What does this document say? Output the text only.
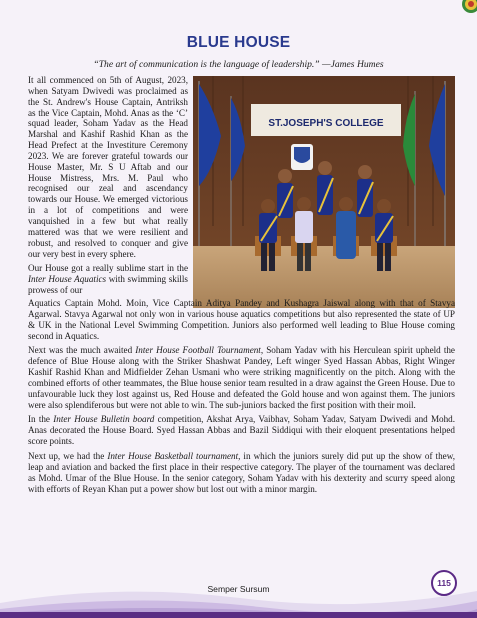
BLUE HOUSE
“The art of communication is the language of leadership.” —James Humes
ST.JOSEPH'S COLLEGE

It all commenced on 5th of August, 2023, when Satyam Dwivedi was proclaimed as the St. Andrew's House Captain, Antriksh as the Vice Captain, Mohd. Anas as the ‘C’ squad leader, Soham Yadav as the Head Marshal and Kashif Rashid Khan as the Head Prefect at the Investiture Ceremony 2023. We are forever grateful towards our House Master, Mr. S U Aftab and our House Mistress, Mrs. M. Paul who recognised our zeal and ascendancy towards our House. We emerged victorious in a lot of competitions and were vanquished in a few but what really mattered was that we were resilient and robust, and resolved to conquer and give our very best in every sphere.

Our House got a really sublime start in the Inter House Aquatics with swimming skills prowess of our

Aquatics Captain Mohd. Moin, Vice Captain Aditya Pandey and Kushagra Jaiswal along with that of Stavya Agarwal. Stavya Agarwal not only won in various house aquatics competitions but also represented the state of UP & UK in the National Level Swimming Competition. Juniors also performed well leading to Blue House coming second in Aquatics.

Next was the much awaited Inter House Football Tournament, Soham Yadav with his Herculean spirit upheld the defence of Blue House along with the Striker Shashwat Pandey, Left winger Syed Hassan Abbas, Right Winger Kashif Rashid Khan and Midfielder Zehan Usmani who were striking magnificently on the pitch. Along with the combined efforts of other teammates, the Blue house senior team resulted in a draw against the Green House. Due to unfavourable luck they lost against us, Red House and defeated the Gold house and won against them. The juniors were also splendiferous but were not able to win. The sub-juniors backed the first position with their moil.

In the Inter House Bulletin board competition, Akshat Arya, Vaibhav, Soham Yadav, Satyam Dwivedi and Mohd. Anas decorated the House Board. Syed Hassan Abbas and Bazil Siddiqui with their eloquent presentations helped score points.

Next up, we had the Inter House Basketball tournament, in which the juniors surely did put up the show of thew, leap and aviation and backed the first place in their respective category. The player of the tournament was declared as Mohd. Umar of the Blue House. In the senior category, Soham Yadav with his dexterity and scurry speed along with efforts of Reyan Khan put a power show but lost out with a minor margin.

Semper Sursum
115
